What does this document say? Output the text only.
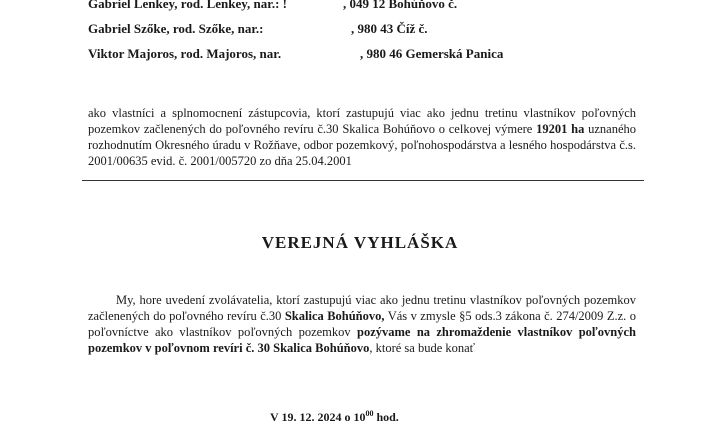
Gabriel Lenkey, rod. Lenkey, nar.: !	, 049 12 Bohúňovo č.
Gabriel Szőke, rod. Szőke, nar.:	, 980 43 Číž č.
Viktor Majoros, rod. Majoros, nar.	, 980 46 Gemerská Panica

ako vlastníci a splnomocnení zástupcovia, ktorí zastupujú viac ako jednu tretinu vlastníkov poľovných pozemkov začlenených do poľovného revíru č.30 Skalica Bohúňovo o celkovej výmere 19201 ha uznaného rozhodnutím Okresného úradu v Rožňave, odbor pozemkový, poľnohospodárstva a lesného hospodárstva č.s. 2001/00635 evid. č. 2001/005720 zo dňa 25.04.2001

VEREJNÁ VYHLÁŠKA

My, hore uvedení zvolávatelia, ktorí zastupujú viac ako jednu tretinu vlastníkov poľovných pozemkov začlenených do poľovného revíru č.30 Skalica Bohúňovo, Vás v zmysle §5 ods.3 zákona č. 274/2009 Z.z. o poľovníctve ako vlastníkov poľovných pozemkov pozývame na zhromaždenie vlastníkov poľovných pozemkov v poľovnom revíri č. 30 Skalica Bohúňovo, ktoré sa bude konať

V 19. 12. 2024 o $10^{00}$ hod.
